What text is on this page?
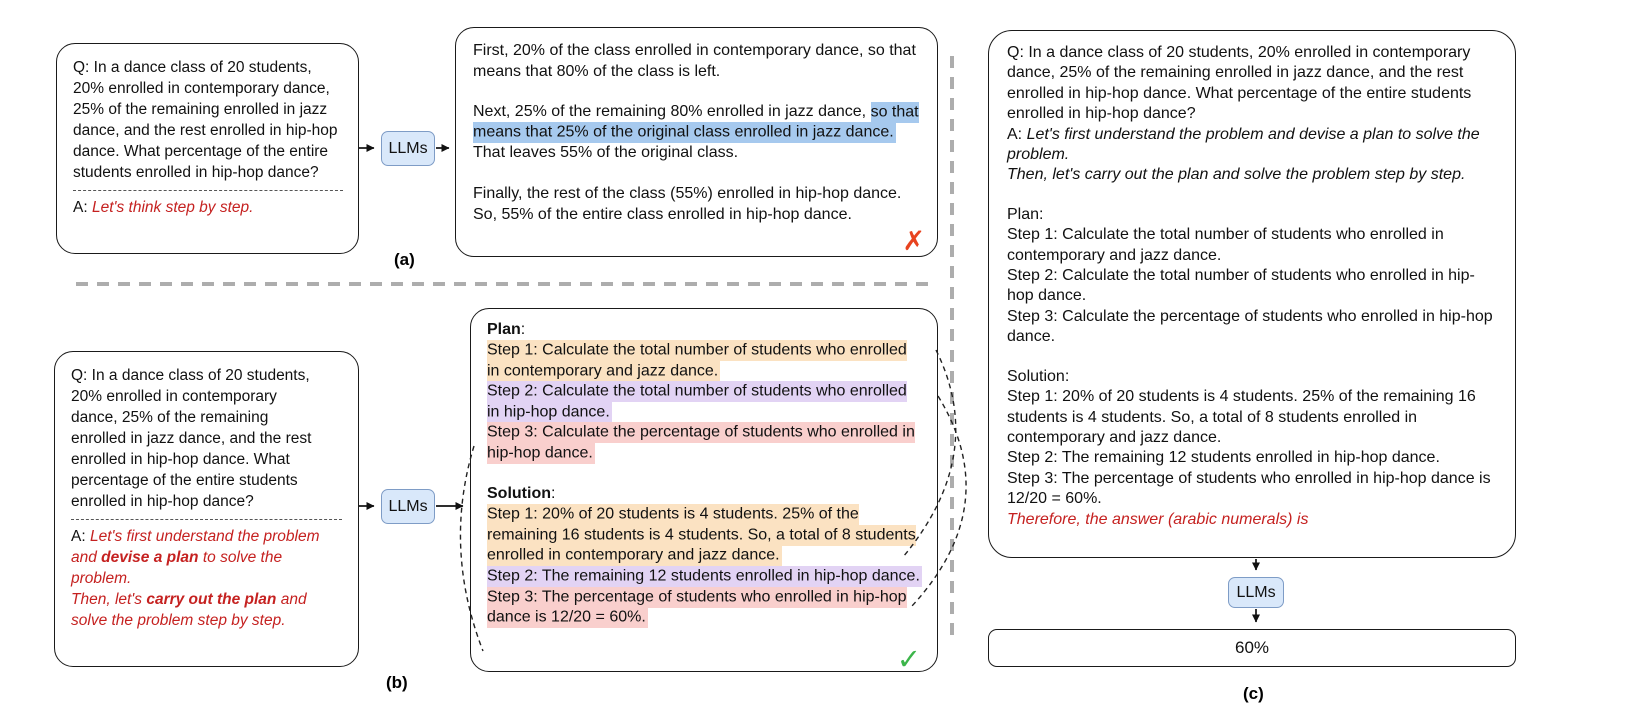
Q: In a dance class of 20 students, 20% enrolled in contemporary dance, 25% of the remaining enrolled in jazz dance, and the rest enrolled in hip-hop dance. What percentage of the entire students enrolled in hip-hop dance?
A: Let's think step by step.
LLMs

First, 20% of the class enrolled in contemporary dance, so that means that 80% of the class is left.

Next, 25% of the remaining 80% enrolled in jazz dance, so that means that 25% of the original class enrolled in jazz dance. That leaves 55% of the original class.

Finally, the rest of the class (55%) enrolled in hip-hop dance. So, 55% of the entire class enrolled in hip-hop dance.

✗
(a)
Q: In a dance class of 20 students, 20% enrolled in contemporary dance, 25% of the remaining enrolled in jazz dance, and the rest enrolled in hip-hop dance. What percentage of the entire students enrolled in hip-hop dance?
A: Let's first understand the problem and devise a plan to solve the problem.
Then, let's carry out the plan and solve the problem step by step.
LLMs

Plan:

Step 1: Calculate the total number of students who enrolled in contemporary and jazz dance.

Step 2: Calculate the total number of students who enrolled in hip-hop dance.

Step 3: Calculate the percentage of students who enrolled in hip-hop dance.

Solution:

Step 1: 20% of 20 students is 4 students. 25% of the remaining 16 students is 4 students. So, a total of 8 students enrolled in contemporary and jazz dance.

Step 2: The remaining 12 students enrolled in hip-hop dance.

Step 3: The percentage of students who enrolled in hip-hop dance is 12/20 = 60%.

✓
(b)
Q: In a dance class of 20 students, 20% enrolled in contemporary dance, 25% of the remaining enrolled in jazz dance, and the rest enrolled in hip-hop dance. What percentage of the entire students enrolled in hip-hop dance?
A: Let's first understand the problem and devise a plan to solve the problem.
Then, let's carry out the plan and solve the problem step by step.
Plan:
Step 1: Calculate the total number of students who enrolled in contemporary and jazz dance.
Step 2: Calculate the total number of students who enrolled in hip-hop dance.
Step 3: Calculate the percentage of students who enrolled in hip-hop dance.
Solution:
Step 1: 20% of 20 students is 4 students. 25% of the remaining 16 students is 4 students. So, a total of 8 students enrolled in contemporary and jazz dance.
Step 2: The remaining 12 students enrolled in hip-hop dance.
Step 3: The percentage of students who enrolled in hip-hop dance is 12/20 = 60%.
Therefore, the answer (arabic numerals) is
LLMs
60%
(c)
